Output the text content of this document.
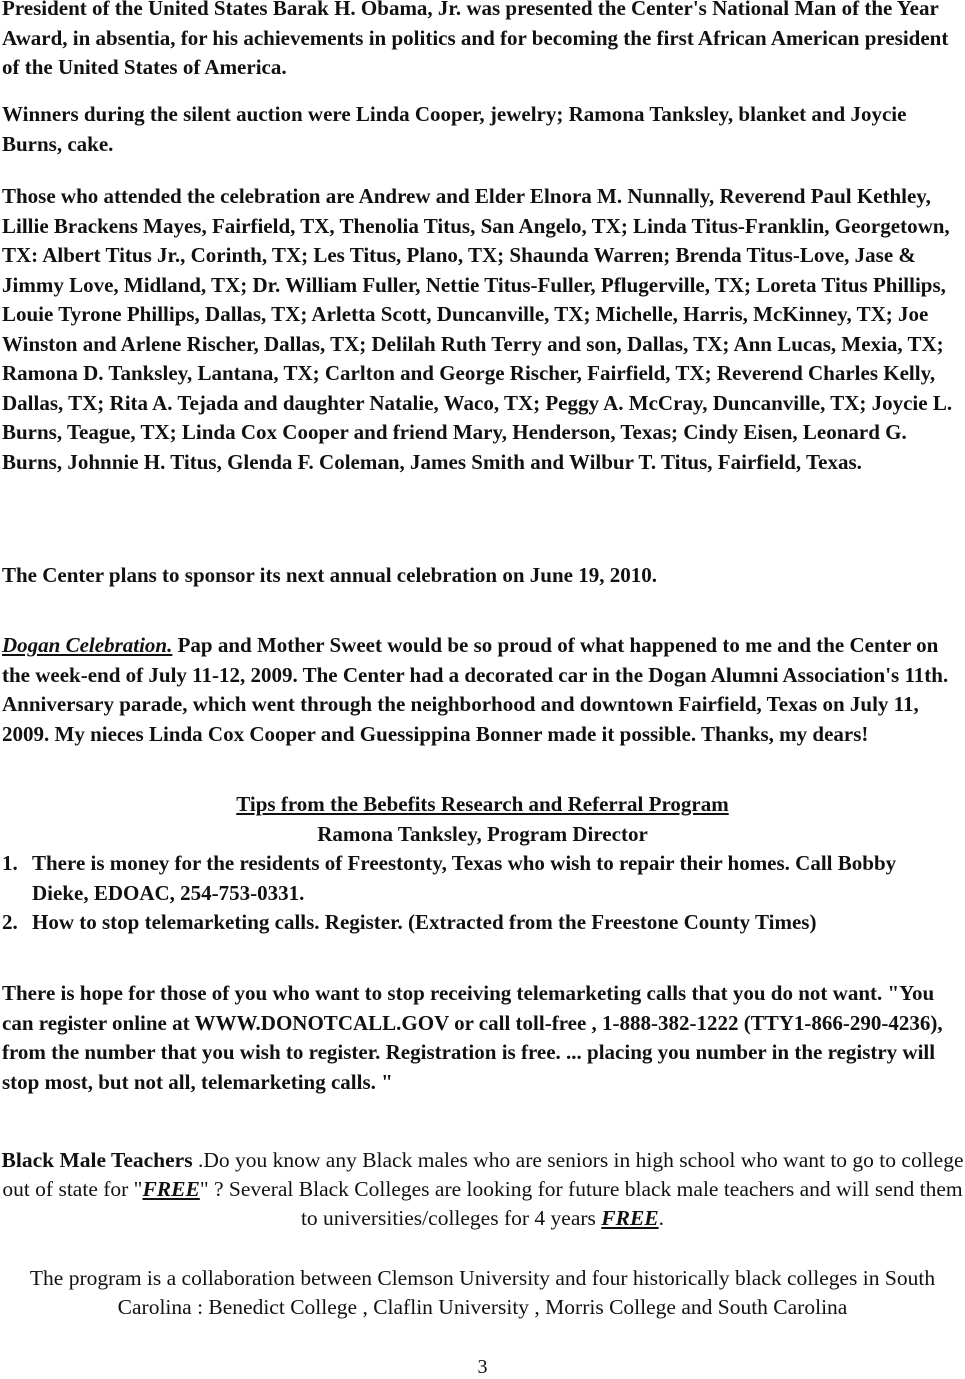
President of the United States Barak H. Obama, Jr. was presented the Center's National Man of the Year Award, in absentia, for his achievements in politics and for becoming the first African American president of the United States of America.

Winners during the silent auction were Linda Cooper, jewelry; Ramona Tanksley, blanket and Joycie Burns, cake.

Those who attended the celebration are Andrew and Elder Elnora M. Nunnally, Reverend Paul Kethley, Lillie Brackens Mayes, Fairfield, TX, Thenolia Titus, San Angelo, TX; Linda Titus-Franklin, Georgetown, TX: Albert Titus Jr., Corinth, TX; Les Titus, Plano, TX; Shaunda Warren; Brenda Titus-Love, Jase & Jimmy Love, Midland, TX; Dr. William Fuller, Nettie Titus-Fuller, Pflugerville, TX; Loreta Titus Phillips, Louie Tyrone Phillips, Dallas, TX; Arletta Scott, Duncanville, TX; Michelle, Harris, McKinney, TX; Joe Winston and Arlene Rischer, Dallas, TX; Delilah Ruth Terry and son, Dallas, TX; Ann Lucas, Mexia, TX; Ramona D. Tanksley, Lantana, TX; Carlton and George Rischer, Fairfield, TX; Reverend Charles Kelly, Dallas, TX; Rita A. Tejada and daughter Natalie, Waco, TX; Peggy A. McCray, Duncanville, TX; Joycie L. Burns, Teague, TX; Linda Cox Cooper and friend Mary, Henderson, Texas; Cindy Eisen, Leonard G. Burns, Johnnie H. Titus, Glenda F. Coleman, James Smith and Wilbur T. Titus, Fairfield, Texas.

The Center plans to sponsor its next annual celebration on June 19, 2010.

Dogan Celebration. Pap and Mother Sweet would be so proud of what happened to me and the Center on the week-end of July 11-12, 2009. The Center had a decorated car in the Dogan Alumni Association's 11th. Anniversary parade, which went through the neighborhood and downtown Fairfield, Texas on July 11, 2009. My nieces Linda Cox Cooper and Guessippina Bonner made it possible. Thanks, my dears!

Tips from the Bebefits Research and Referral Program
Ramona Tanksley, Program Director
1. There is money for the residents of Freestonty, Texas who wish to repair their homes. Call Bobby Dieke, EDOAC, 254-753-0331.
2. How to stop telemarketing calls. Register. (Extracted from the Freestone County Times)

There is hope for those of you who want to stop receiving telemarketing calls that you do not want. "You can register online at WWW.DONOTCALL.GOV or call toll-free , 1-888-382-1222 (TTY1-866-290-4236), from the number that you wish to register. Registration is free. ... placing you number in the registry will stop most, but not all, telemarketing calls. "

Black Male Teachers .Do you know any Black males who are seniors in high school who want to go to college out of state for "FREE" ? Several Black Colleges are looking for future black male teachers and will send them to universities/colleges for 4 years FREE.

The program is a collaboration between Clemson University and four historically black colleges in South Carolina : Benedict College , Claflin University , Morris College and South Carolina

3
